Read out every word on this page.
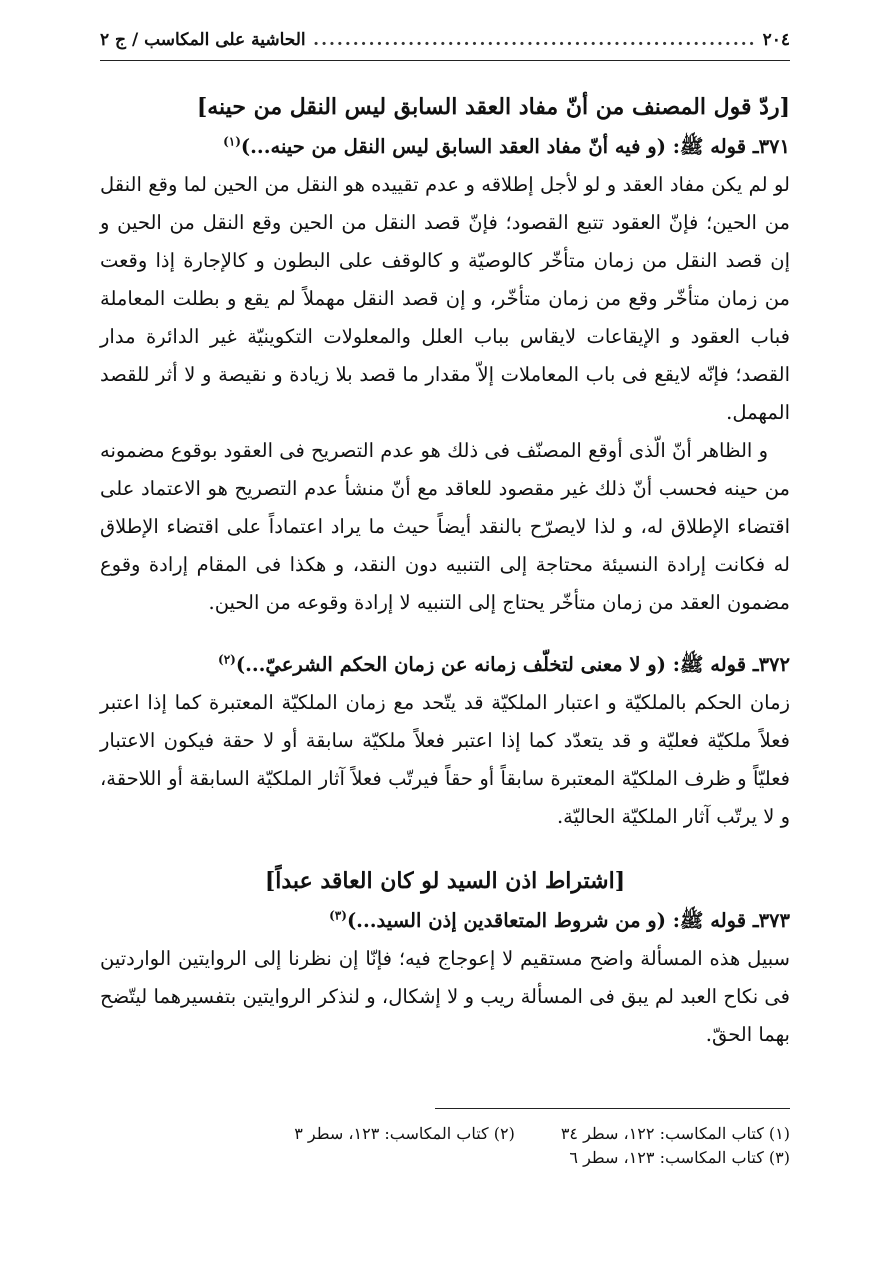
٢٠٤
.....
الحاشية على المكاسب / ج ٢
[ردّ قول المصنف من أنّ مفاد العقد السابق ليس النقل من حينه]
٣٧١ـ قوله ﷺ: (و فيه أنّ مفاد العقد السابق ليس النقل من حينه...)$^{(١)}$

لو لم يكن مفاد العقد و لو لأجل إطلاقه و عدم تقييده هو النقل من الحين لما وقع النقل من الحين؛ فإنّ العقود تتبع القصود؛ فإنّ قصد النقل من الحين وقع النقل من الحين و إن قصد النقل من زمان متأخّر كالوصيّة و كالوقف على البطون و كالإجارة إذا وقعت من زمان متأخّر وقع من زمان متأخّر، و إن قصد النقل مهملاً لم يقع و بطلت المعاملة فباب العقود و الإيقاعات لايقاس بباب العلل والمعلولات التكوينيّة غير الدائرة مدار القصد؛ فإنّه لايقع فى باب المعاملات إلاّ مقدار ما قصد بلا زيادة و نقيصة و لا أثر للقصد المهمل.

و الظاهر أنّ الّذى أوقع المصنّف فى ذلك هو عدم التصريح فى العقود بوقوع مضمونه من حينه فحسب أنّ ذلك غير مقصود للعاقد مع أنّ منشأ عدم التصريح هو الاعتماد على اقتضاء الإطلاق له، و لذا لايصرّح بالنقد أيضاً حيث ما يراد اعتماداً على اقتضاء الإطلاق له فكانت إرادة النسيئة محتاجة إلى التنبيه دون النقد، و هكذا فى المقام إرادة وقوع مضمون العقد من زمان متأخّر يحتاج إلى التنبيه لا إرادة وقوعه من الحين.

٣٧٢ـ قوله ﷺ: (و لا معنى لتخلّف زمانه عن زمان الحكم الشرعيّ...)$^{(٢)}$

زمان الحكم بالملكيّة و اعتبار الملكيّة قد يتّحد مع زمان الملكيّة المعتبرة كما إذا اعتبر فعلاً ملكيّة فعليّة و قد يتعدّد كما إذا اعتبر فعلاً ملكيّة سابقة أو لا حقة فيكون الاعتبار فعليّاً و ظرف الملكيّة المعتبرة سابقاً أو حقاً فيرتّب فعلاً آثار الملكيّة السابقة أو اللاحقة، و لا يرتّب آثار الملكيّة الحاليّة.

[اشتراط اذن السيد لو كان العاقد عبداً]
٣٧٣ـ قوله ﷺ: (و من شروط المتعاقدين إذن السيد...)$^{(٣)}$

سبيل هذه المسألة واضح مستقيم لا إعوجاج فيه؛ فإنّا إن نظرنا إلى الروايتين الواردتين فى نكاح العبد لم يبق فى المسألة ريب و لا إشكال، و لنذكر الروايتين بتفسيرهما ليتّضح بهما الحقّ.

(١) كتاب المكاسب: ١٢٢، سطر ٣٤
(٢) كتاب المكاسب: ١٢٣، سطر ٣
(٣) كتاب المكاسب: ١٢٣، سطر ٦
